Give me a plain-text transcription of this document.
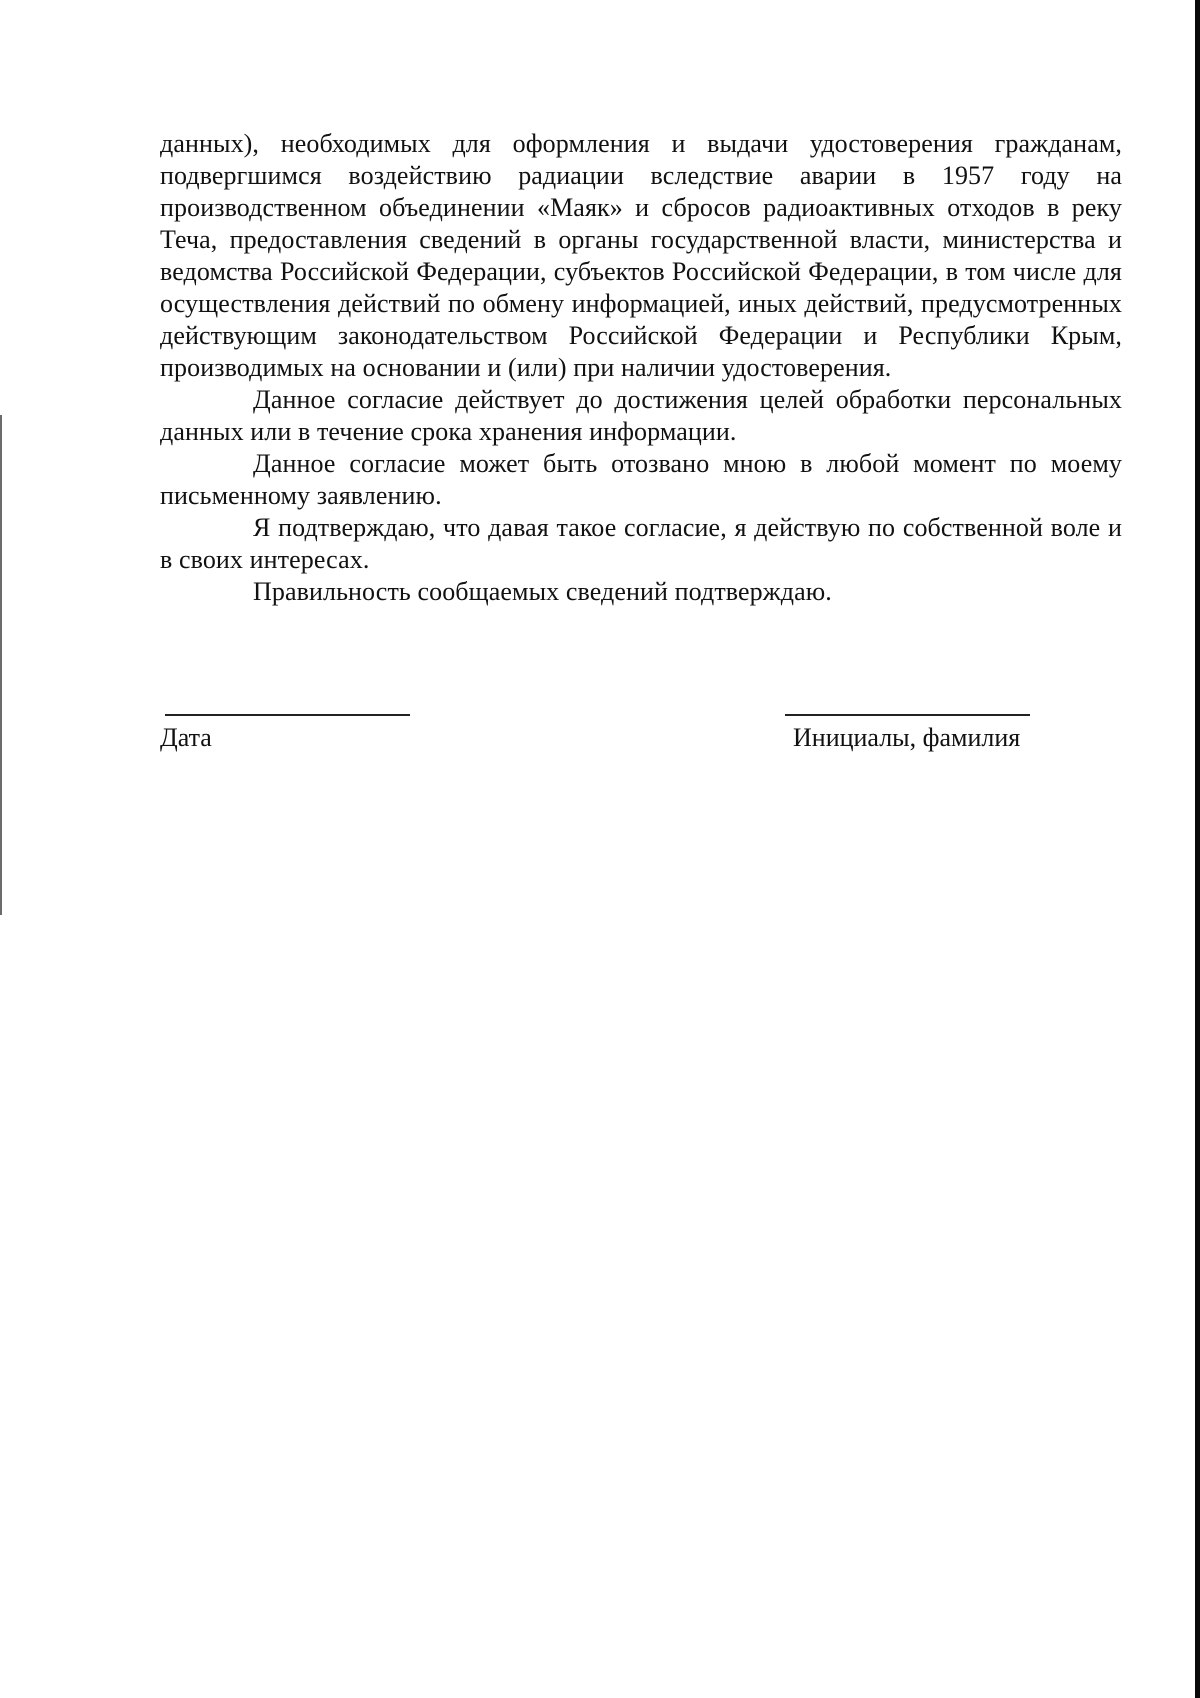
данных), необходимых для оформления и выдачи удостоверения гражданам, подвергшимся воздействию радиации вследствие аварии в 1957 году на производственном объединении «Маяк» и сбросов радиоактивных отходов в реку Теча, предоставления сведений в органы государственной власти, министерства и ведомства Российской Федерации, субъектов Российской Федерации, в том числе для осуществления действий по обмену информацией, иных действий, предусмотренных действующим законодательством Российской Федерации и Республики Крым, производимых на основании и (или) при наличии удостоверения.

Данное согласие действует до достижения целей обработки персональных данных или в течение срока хранения информации.

Данное согласие может быть отозвано мною в любой момент по моему письменному заявлению.

Я подтверждаю, что давая такое согласие, я действую по собственной воле и в своих интересах.

Правильность сообщаемых сведений подтверждаю.

Дата	Инициалы, фамилия
